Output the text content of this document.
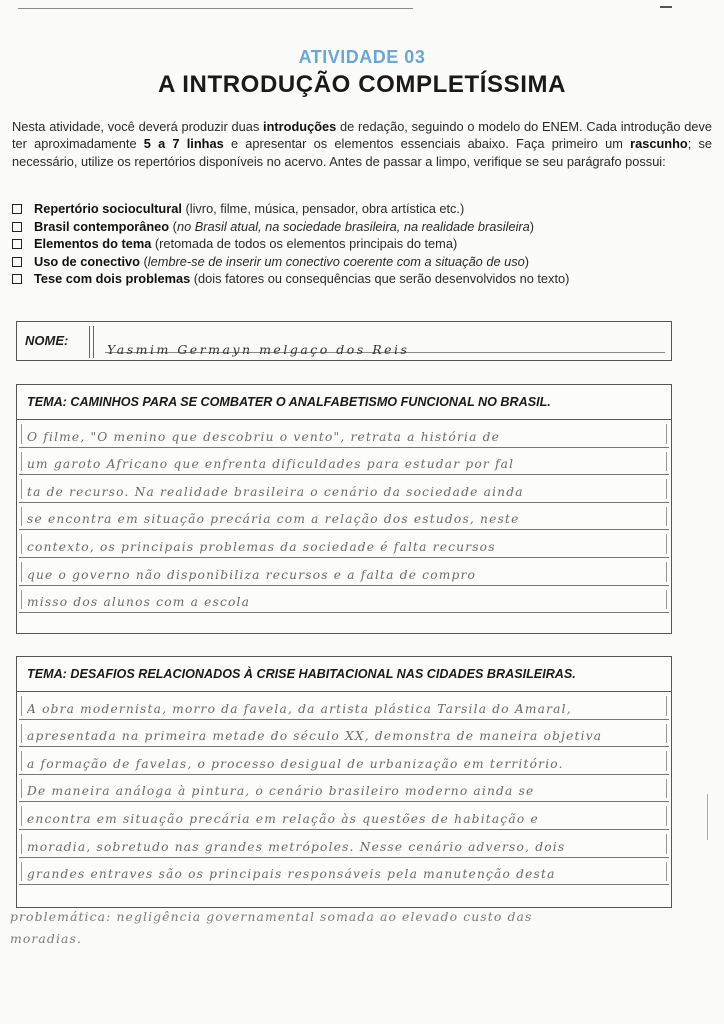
ATIVIDADE 03
A INTRODUÇÃO COMPLETÍSSIMA
Nesta atividade, você deverá produzir duas introduções de redação, seguindo o modelo do ENEM. Cada introdução deve ter aproximadamente 5 a 7 linhas e apresentar os elementos essenciais abaixo. Faça primeiro um rascunho; se necessário, utilize os repertórios disponíveis no acervo. Antes de passar a limpo, verifique se seu parágrafo possui:
Repertório sociocultural (livro, filme, música, pensador, obra artística etc.)
Brasil contemporâneo (no Brasil atual, na sociedade brasileira, na realidade brasileira)
Elementos do tema (retomada de todos os elementos principais do tema)
Uso de conectivo (lembre-se de inserir um conectivo coerente com a situação de uso)
Tese com dois problemas (dois fatores ou consequências que serão desenvolvidos no texto)
NOME:
Yasmim Germayn melgaço dos Reis
TEMA: CAMINHOS PARA SE COMBATER O ANALFABETISMO FUNCIONAL NO BRASIL.
O filme, "O menino que descobriu o vento", retrata a história de
um garoto Africano que enfrenta dificuldades para estudar por fal
ta de recurso. Na realidade brasileira o cenário da sociedade ainda
se encontra em situação precária com a relação dos estudos, neste
contexto, os principais problemas da sociedade é falta recursos
que o governo não disponibiliza recursos e a falta de compro
misso dos alunos com a escola
TEMA: DESAFIOS RELACIONADOS À CRISE HABITACIONAL NAS CIDADES BRASILEIRAS.
A obra modernista, morro da favela, da artista plástica Tarsila do Amaral,
apresentada na primeira metade do século XX, demonstra de maneira objetiva
a formação de favelas, o processo desigual de urbanização em território.
De maneira análoga à pintura, o cenário brasileiro moderno ainda se
encontra em situação precária em relação às questões de habitação e
moradia, sobretudo nas grandes metrópoles. Nesse cenário adverso, dois
grandes entraves são os principais responsáveis pela manutenção desta
problemática: negligência governamental somada ao elevado custo das
moradias.
